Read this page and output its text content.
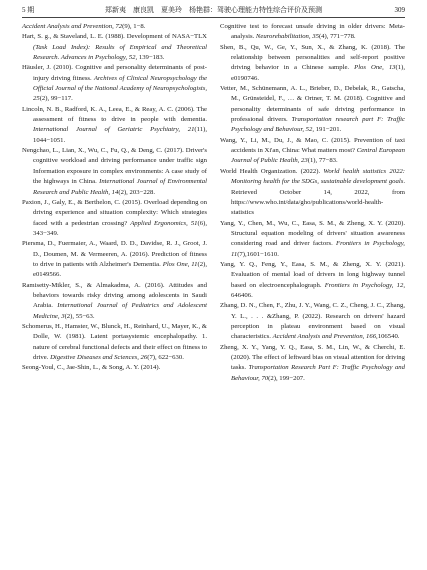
5 期	郑新夷　康良凯　夏美玲　杨艳群：驾驶心理能力特性综合评价及预测	309

Accident Analysis and Prevention, 72(9), 1−8.

Hart, S. g., & Staveland, L. E. (1988). Development of NASA−TLX (Task Load Index): Results of Empirical and Theoretical Research. Advances in Psychology, 52, 139−183.

Häusler, J. (2010). Cognitive and personality determinants of post-injury driving fitness. Archives of Clinical Neuropsychology the Official Journal of the National Academy of Neuropsychologists, 25(2), 99−117.

Lincoln, N. B., Radford, K. A., Leea, E., & Reay, A. C. (2006). The assessment of fitness to drive in people with dementia. International Journal of Geriatric Psychiatry, 21(11), 1044−1051.

Nengchao, L., Lian, X., Wu, C., Fu, Q., & Deng, C. (2017). Driver's cognitive workload and driving performance under traffic sign Information exposure in complex environments: A case study of the highways in China. International Journal of Environmental Research and Public Health, 14(2), 203−228.

Paxion, J., Galy, E., & Berthelon, C. (2015). Overload depending on driving experience and situation complexity: Which strategies faced with a pedestrian crossing? Applied Ergonomics, 51(6), 343−349.

Piersma, D., Fuermaier, A., Waard, D. D., Davidse, R. J., Groot, J. D., Doumen, M. & Vermeeren, A. (2016). Prediction of fitness to drive in patients with Alzheimer's Dementia. Plos One, 11(2), e0149566.

Ramisetty-Mikler, S., & Almakadma, A. (2016). Attitudes and behaviors towards risky driving among adolescents in Saudi Arabia. International Journal of Pediatrics and Adolescent Medicine, 3(2), 55−63.

Schomerus, H., Hamster, W., Blunck, H., Reinhard, U., Mayer, K., & Dolle, W. (1981). Latent portasystemic encephalopathy. 1. nature of cerebral functional defects and their effect on fitness to drive. Digestive Diseases and Sciences, 26(7), 622−630.

Seong-Youl, C., Jae-Shin, L., & Song, A. Y. (2014).

Cognitive test to forecast unsafe driving in older drivers: Meta-analysis. Neurorehabilitation, 35(4), 771−778.

Shen, B., Qu, W., Ge, Y., Sun, X., & Zhang, K. (2018). The relationship between personalities and self-report positive driving behavior in a Chinese sample. Plos One, 13(1), e0190746.

Vetter, M., Schünemann, A. L., Brieber, D., Debelak, R., Gatscha, M., Grünsteidel, F., … & Ortner, T. M. (2018). Cognitive and personality determinants of safe driving performance in professional drivers. Transportation research part F: Traffic Psychology and Behaviour, 52, 191−201.

Wang, Y., Li, M., Du, J., & Mao, C. (2015). Prevention of taxi accidents in Xi'an, China: What matters most? Central European Journal of Public Health, 23(1), 77−83.

World Health Organization. (2022). World health statistics 2022: Monitoring health for the SDGs, sustainable development goals. Retrieved October 14, 2022, from https://www.who.int/data/gho/publications/world-health-statistics

Yang, Y., Chen, M., Wu, C., Easa, S. M., & Zheng, X. Y. (2020). Structural equation modeling of drivers' situation awareness considering road and driver factors. Frontiers in Psychology, 11(7),1601−1610.

Yang, Y. Q., Feng, Y., Easa, S. M., & Zheng, X. Y. (2021). Evaluation of mental load of drivers in long highway tunnel based on electroencephalograph. Frontiers in Psychology, 12, 646406.

Zhang, D. N., Chen, F., Zhu, J. Y., Wang, C. Z., Cheng, J. C., Zhang, Y. L., . . . &Zhang, P. (2022). Research on drivers' hazard perception in plateau environment based on visual characteristics. Accident Analysis and Prevention, 166,106540.

Zheng, X. Y., Yang, Y. Q., Easa, S. M., Lin, W., & Cherchi, E. (2020). The effect of leftward bias on visual attention for driving tasks. Transportation Research Part F: Traffic Psychology and Behaviour, 70(2), 199−207.
